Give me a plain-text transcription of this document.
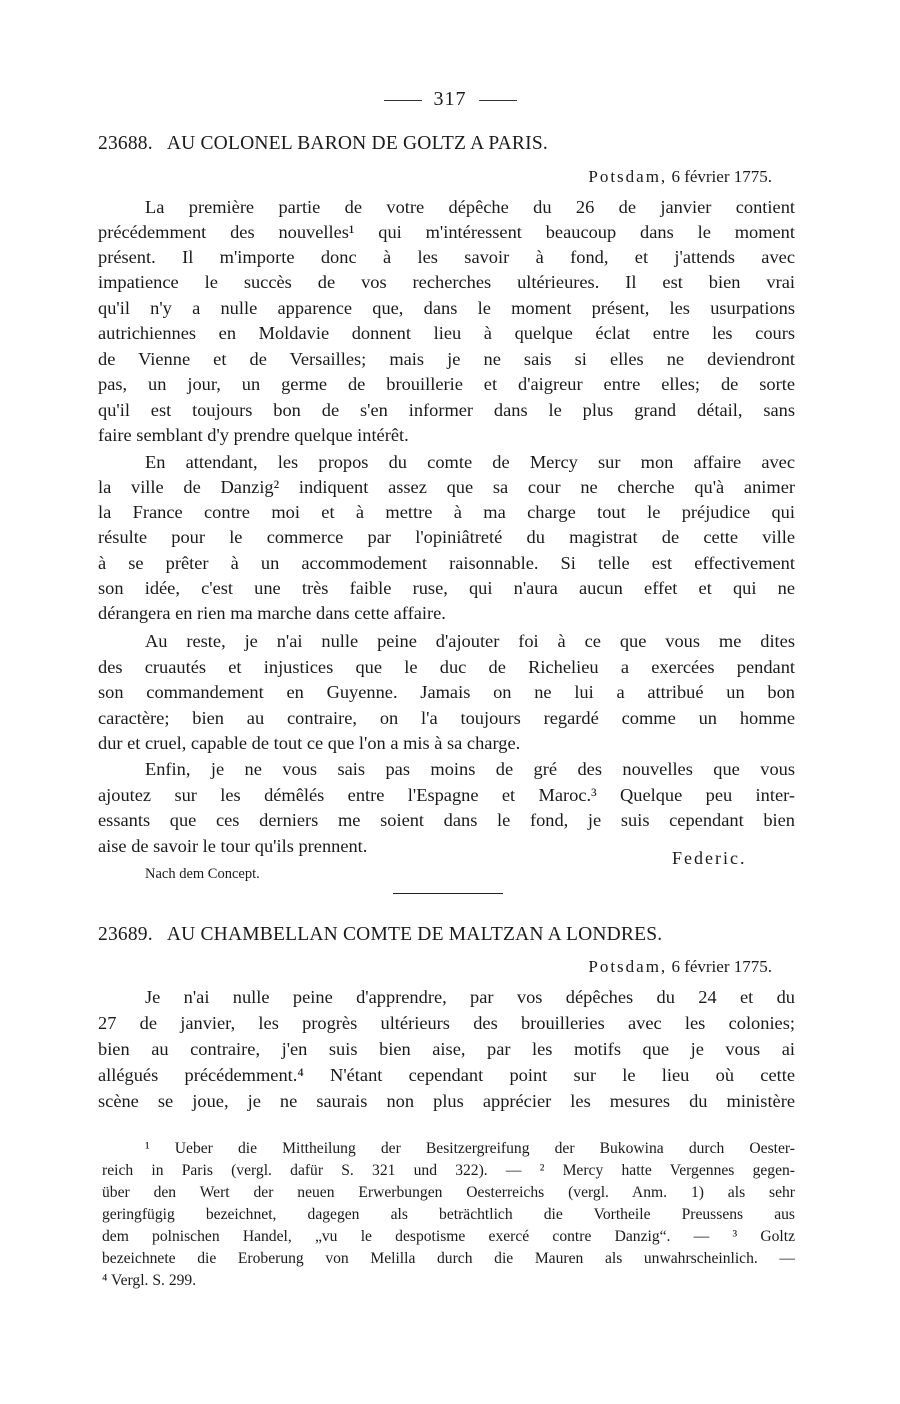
317
23688. AU COLONEL BARON DE GOLTZ A PARIS.
Potsdam, 6 février 1775.
La première partie de votre dépêche du 26 de janvier contient
précédemment des nouvelles¹ qui m'intéressent beaucoup dans le moment
présent. Il m'importe donc à les savoir à fond, et j'attends avec
impatience le succès de vos recherches ultérieures. Il est bien vrai
qu'il n'y a nulle apparence que, dans le moment présent, les usurpations
autrichiennes en Moldavie donnent lieu à quelque éclat entre les cours
de Vienne et de Versailles; mais je ne sais si elles ne deviendront
pas, un jour, un germe de brouillerie et d'aigreur entre elles; de sorte
qu'il est toujours bon de s'en informer dans le plus grand détail, sans
faire semblant d'y prendre quelque intérêt.
En attendant, les propos du comte de Mercy sur mon affaire avec
la ville de Danzig² indiquent assez que sa cour ne cherche qu'à animer
la France contre moi et à mettre à ma charge tout le préjudice qui
résulte pour le commerce par l'opiniâtreté du magistrat de cette ville
à se prêter à un accommodement raisonnable. Si telle est effectivement
son idée, c'est une très faible ruse, qui n'aura aucun effet et qui ne
dérangera en rien ma marche dans cette affaire.
Au reste, je n'ai nulle peine d'ajouter foi à ce que vous me dites
des cruautés et injustices que le duc de Richelieu a exercées pendant
son commandement en Guyenne. Jamais on ne lui a attribué un bon
caractère; bien au contraire, on l'a toujours regardé comme un homme
dur et cruel, capable de tout ce que l'on a mis à sa charge.
Enfin, je ne vous sais pas moins de gré des nouvelles que vous
ajoutez sur les démêlés entre l'Espagne et Maroc.³ Quelque peu inter-
essants que ces derniers me soient dans le fond, je suis cependant bien
aise de savoir le tour qu'ils prennent.
Federic.
Nach dem Concept.
23689. AU CHAMBELLAN COMTE DE MALTZAN A LONDRES.
Potsdam, 6 février 1775.
Je n'ai nulle peine d'apprendre, par vos dépêches du 24 et du
27 de janvier, les progrès ultérieurs des brouilleries avec les colonies;
bien au contraire, j'en suis bien aise, par les motifs que je vous ai
allégués précédemment.⁴ N'étant cependant point sur le lieu où cette
scène se joue, je ne saurais non plus apprécier les mesures du ministère
¹ Ueber die Mittheilung der Besitzergreifung der Bukowina durch Oester-
reich in Paris (vergl. dafür S. 321 und 322). — ² Mercy hatte Vergennes gegen-
über den Wert der neuen Erwerbungen Oesterreichs (vergl. Anm. 1) als sehr
geringfügig bezeichnet, dagegen als beträchtlich die Vortheile Preussens aus
dem polnischen Handel, „vu le despotisme exercé contre Danzig“. — ³ Goltz
bezeichnete die Eroberung von Melilla durch die Mauren als unwahrscheinlich. —
⁴ Vergl. S. 299.
